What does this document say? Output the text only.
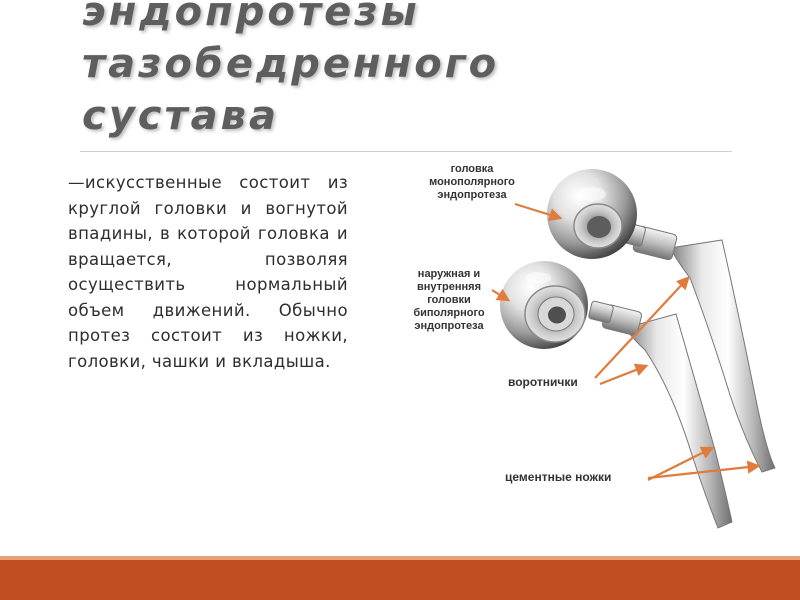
эндопротезы
тазобедренного
сустава

—искусственные состоит из круглой головки и вогнутой впадины, в которой головка и вращается, позволяя осуществить нормальный объем движений. Обычно протез состоит из ножки, головки, чашки и вкладыша.

головка монополярного эндопротеза

наружная и внутренняя головки биполярного эндопротеза

воротнички

цементные ножки
